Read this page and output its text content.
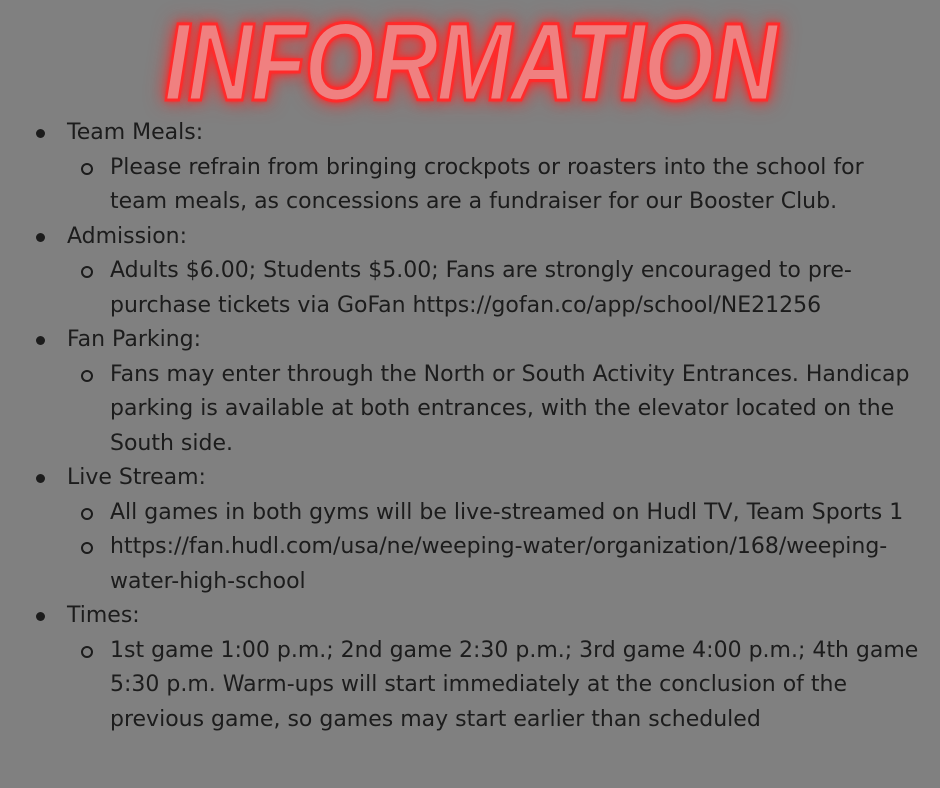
INFORMATION
Team Meals:
Please refrain from bringing crockpots or roasters into the school for team meals, as concessions are a fundraiser for our Booster Club.
Admission:
Adults $6.00; Students $5.00; Fans are strongly encouraged to pre-purchase tickets via GoFan https://gofan.co/app/school/NE21256
Fan Parking:
Fans may enter through the North or South Activity Entrances. Handicap parking is available at both entrances, with the elevator located on the South side.
Live Stream:
All games in both gyms will be live-streamed on Hudl TV, Team Sports 1
https://fan.hudl.com/usa/ne/weeping-water/organization/168/weeping-water-high-school
Times:
1st game 1:00 p.m.; 2nd game 2:30 p.m.; 3rd game 4:00 p.m.; 4th game 5:30 p.m. Warm-ups will start immediately at the conclusion of the previous game, so games may start earlier than scheduled
